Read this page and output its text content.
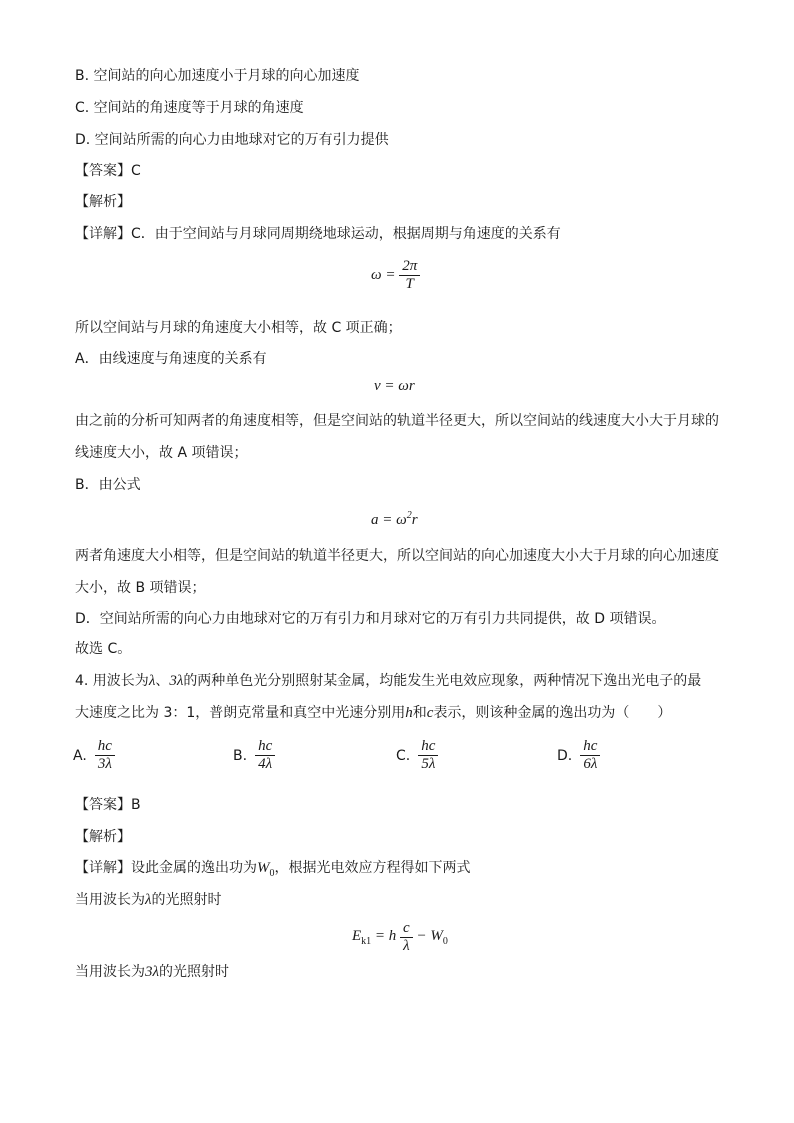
B. 空间站的向心加速度小于月球的向心加速度
C. 空间站的角速度等于月球的角速度
D. 空间站所需的向心力由地球对它的万有引力提供
【答案】C
【解析】
【详解】C．由于空间站与月球同周期绕地球运动，根据周期与角速度的关系有
$\omega = \frac{2\pi}{T}$
所以空间站与月球的角速度大小相等，故 C 项正确；
A．由线速度与角速度的关系有
v = ωr
由之前的分析可知两者的角速度相等，但是空间站的轨道半径更大，所以空间站的线速度大小大于月球的
线速度大小，故 A 项错误；
B．由公式
$a = \omega^2r$
两者角速度大小相等，但是空间站的轨道半径更大，所以空间站的向心加速度大小大于月球的向心加速度
大小，故 B 项错误；
D．空间站所需的向心力由地球对它的万有引力和月球对它的万有引力共同提供，故 D 项错误。
故选 C。
4. 用波长为λ、3λ的两种单色光分别照射某金属，均能发生光电效应现象，两种情况下逸出光电子的最
大速度之比为 3：1，普朗克常量和真空中光速分别用h和c表示，则该种金属的逸出功为（　　）
A. $\frac{hc}{3\lambda}$	B. $\frac{hc}{4\lambda}$	C. $\frac{hc}{5\lambda}$	D. $\frac{hc}{6\lambda}$
【答案】B
【解析】
【详解】设此金属的逸出功为$W_0$，根据光电效应方程得如下两式
当用波长为λ的光照射时
$E_{k1} = h \frac{c}{\lambda} - W_0$
当用波长为3λ的光照射时
